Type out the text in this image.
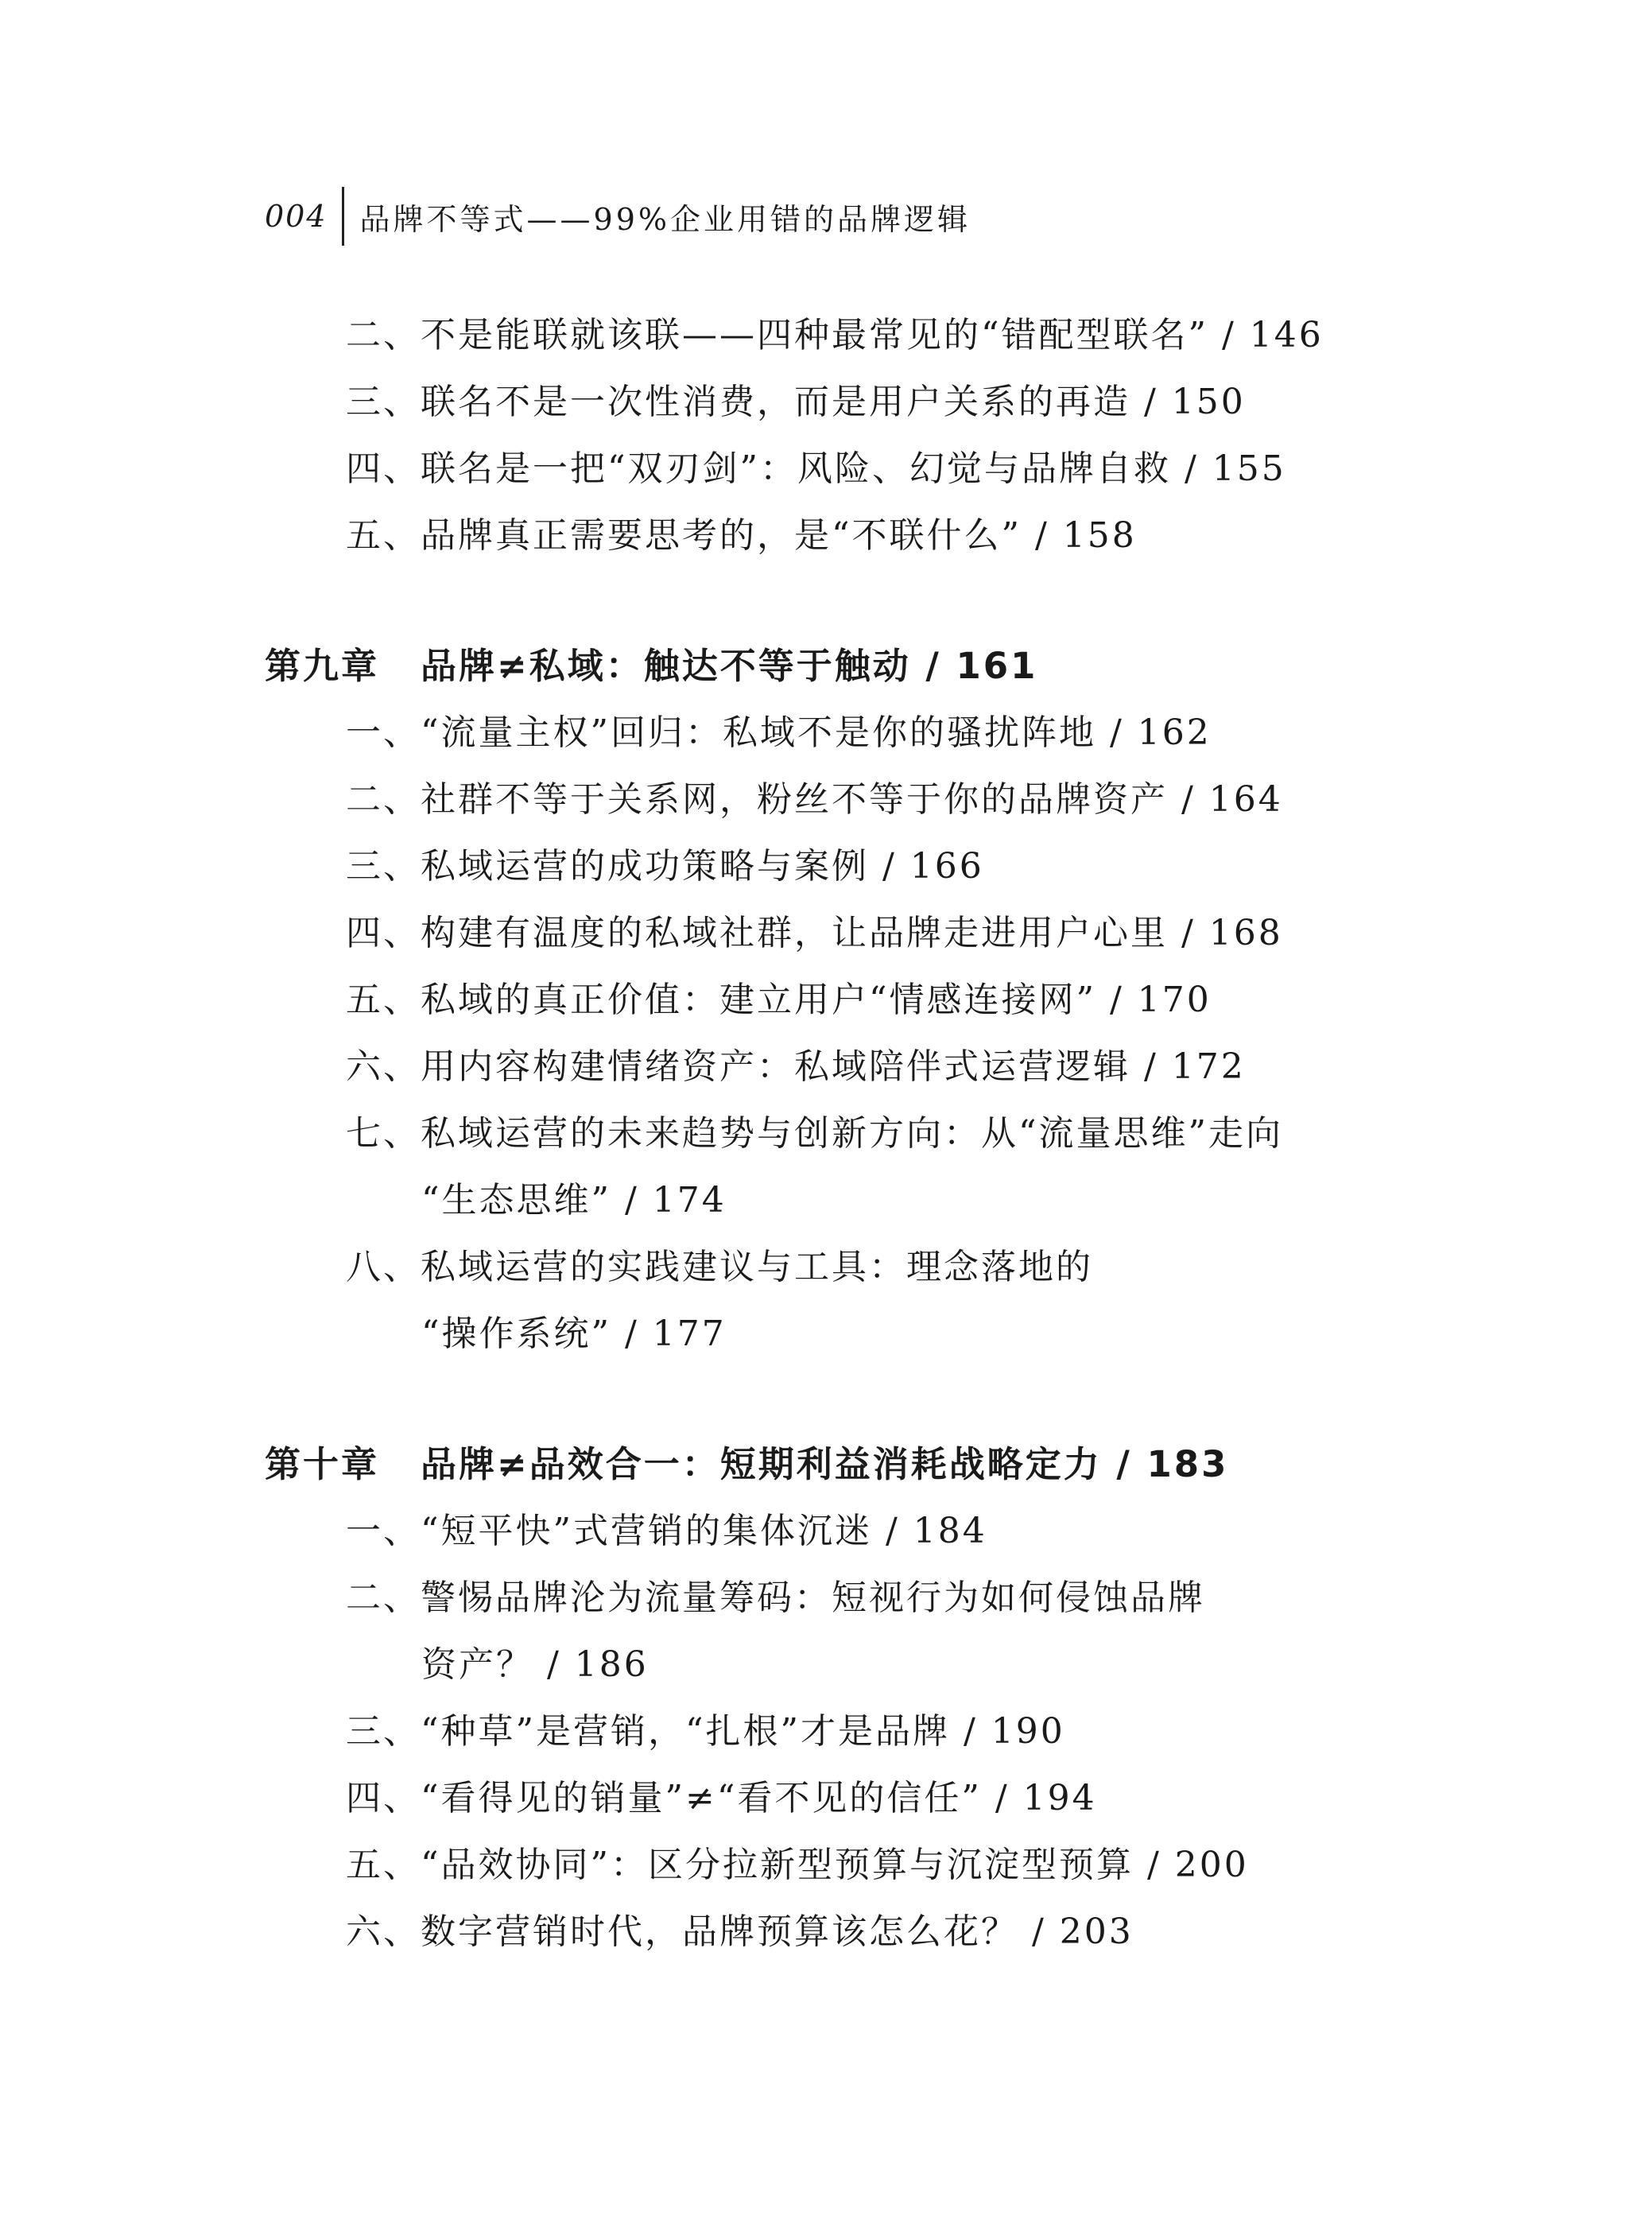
004	品牌不等式——99%企业用错的品牌逻辑
二、不是能联就该联——四种最常见的“错配型联名” / 146
三、联名不是一次性消费，而是用户关系的再造 / 150
四、联名是一把“双刃剑”：风险、幻觉与品牌自救 / 155
五、品牌真正需要思考的，是“不联什么” / 158
第九章 品牌≠私域：触达不等于触动 / 161
一、“流量主权”回归：私域不是你的骚扰阵地 / 162
二、社群不等于关系网，粉丝不等于你的品牌资产 / 164
三、私域运营的成功策略与案例 / 166
四、构建有温度的私域社群，让品牌走进用户心里 / 168
五、私域的真正价值：建立用户“情感连接网” / 170
六、用内容构建情绪资产：私域陪伴式运营逻辑 / 172
七、私域运营的未来趋势与创新方向：从“流量思维”走向
“生态思维” / 174
八、私域运营的实践建议与工具：理念落地的
“操作系统” / 177
第十章 品牌≠品效合一：短期利益消耗战略定力 / 183
一、“短平快”式营销的集体沉迷 / 184
二、警惕品牌沦为流量筹码：短视行为如何侵蚀品牌
资产？ / 186
三、“种草”是营销，“扎根”才是品牌 / 190
四、“看得见的销量”≠“看不见的信任” / 194
五、“品效协同”：区分拉新型预算与沉淀型预算 / 200
六、数字营销时代，品牌预算该怎么花？ / 203
